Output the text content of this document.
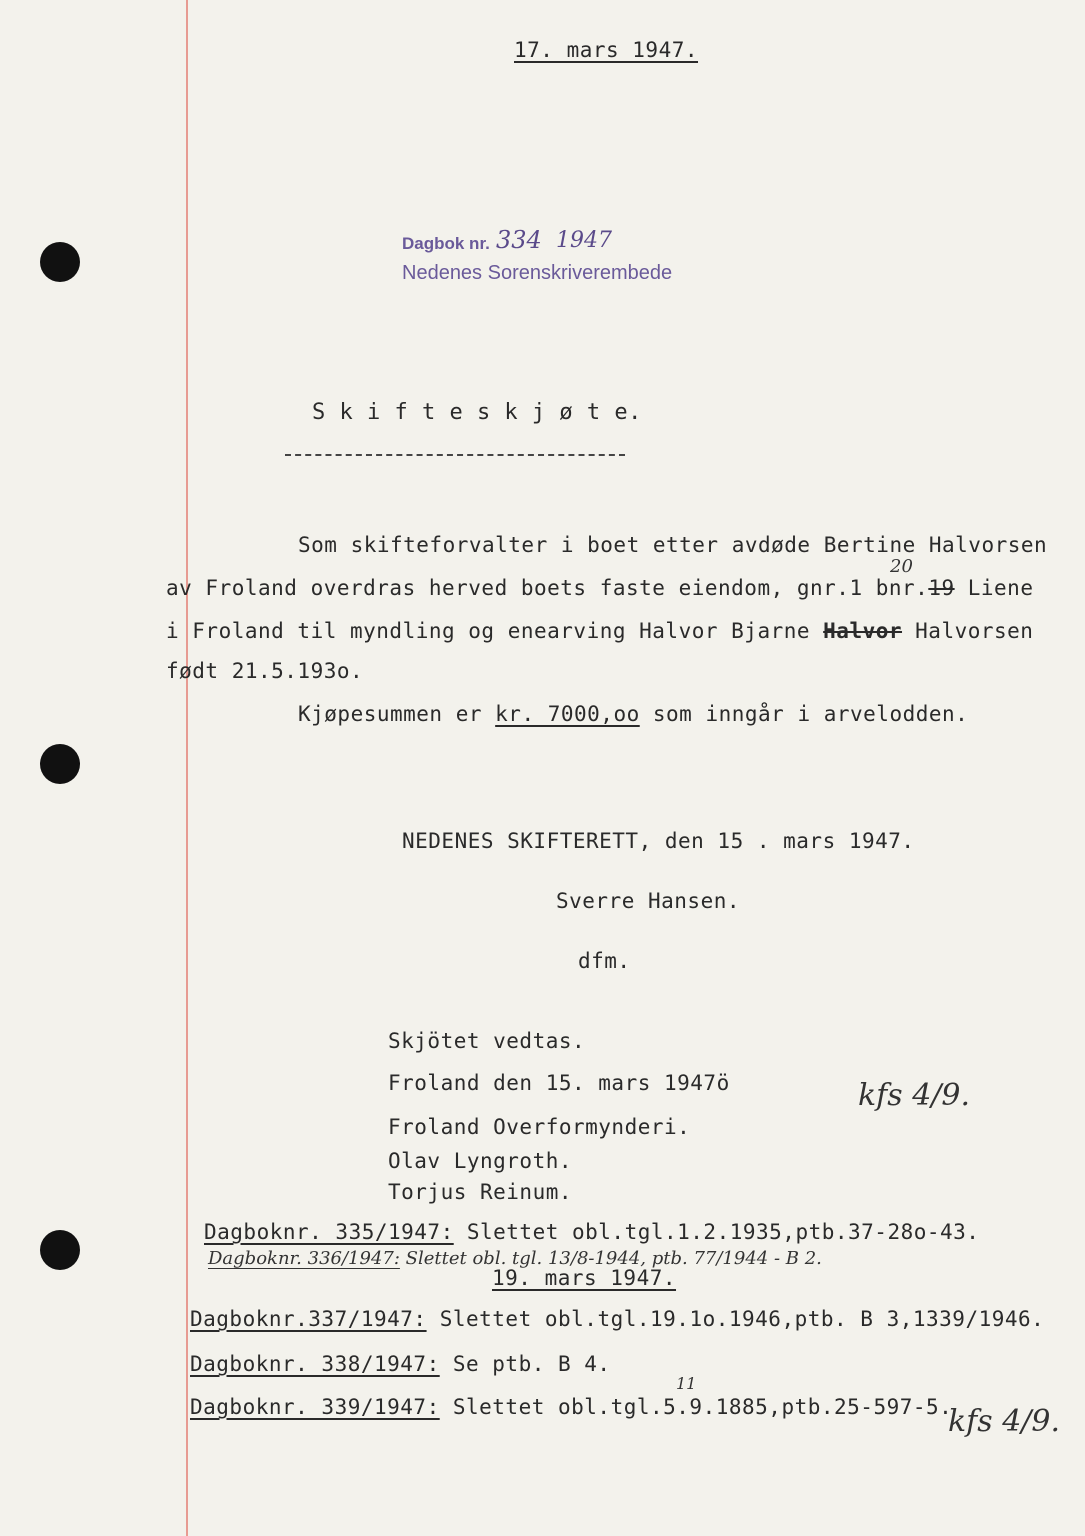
17. mars 1947.
Dagbok nr. 334 1947
Nedenes Sorenskriverembede
S k i f t e s k j ø t e.
Som skifteforvalter i boet etter avdøde Bertine Halvorsen
av Froland overdras herved boets faste eiendom, gnr.1 bnr.19 Liene
20
i Froland til myndling og enearving Halvor Bjarne Halvor Halvorsen
født 21.5.193o.
Kjøpesummen er kr. 7000,oo som inngår i arvelodden.
NEDENES SKIFTERETT, den 15 . mars 1947.
Sverre Hansen.
dfm.
Skjötet vedtas.
Froland den 15. mars 1947ö
Froland Overformynderi.
Olav Lyngroth.
Torjus Reinum.
kfs 4/9.
Dagboknr. 335/1947: Slettet obl.tgl.1.2.1935,ptb.37-28o-43.
Dagboknr. 336/1947: Slettet obl. tgl. 13/8-1944, ptb. 77/1944 - B 2.
19. mars 1947.
Dagboknr.337/1947: Slettet obl.tgl.19.1o.1946,ptb. B 3,1339/1946.
Dagboknr. 338/1947: Se ptb. B 4.
Dagboknr. 339/1947: Slettet obl.tgl.5.9.1885,ptb.25-597-5.
11
kfs 4/9.
